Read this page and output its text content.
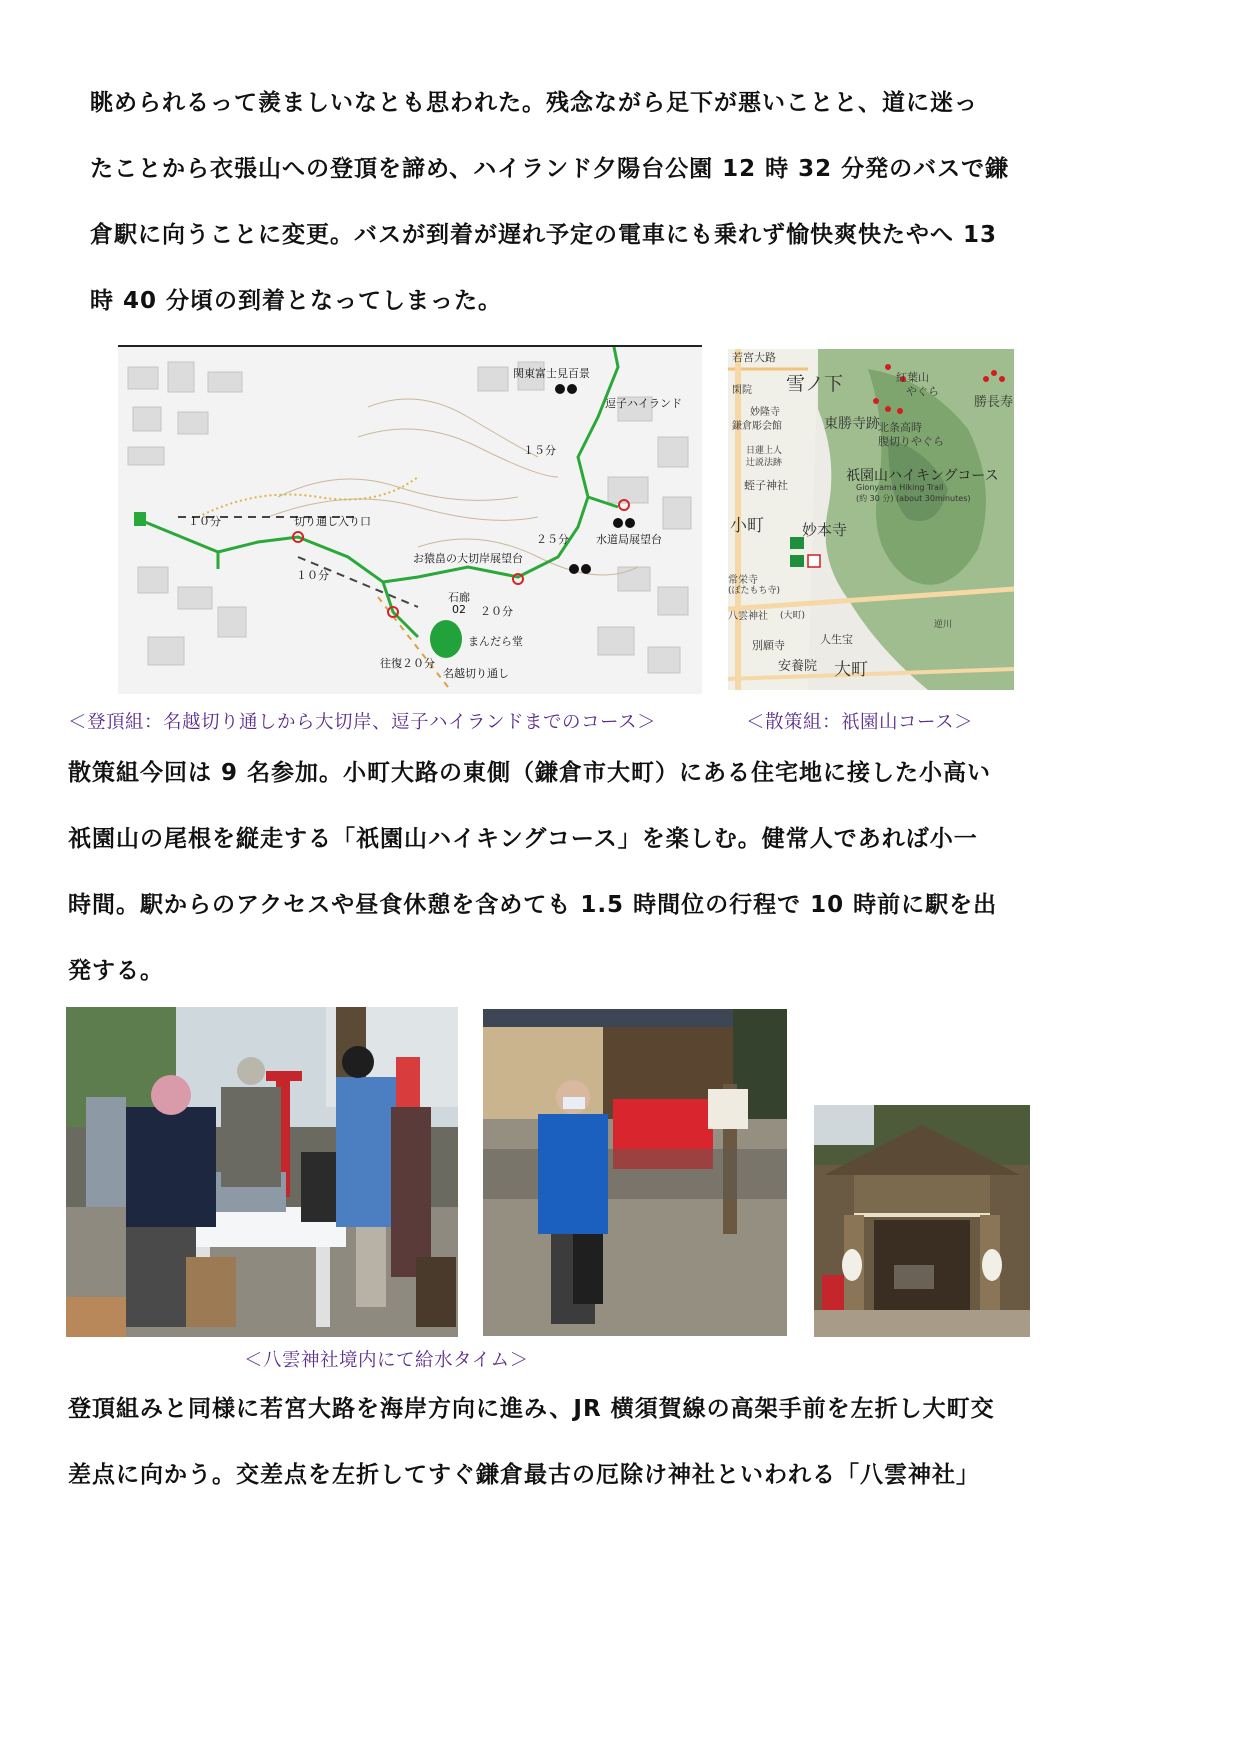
眺められるって羨ましいなとも思われた。残念ながら足下が悪いことと、道に迷っ
たことから衣張山への登頂を諦め、ハイランド夕陽台公園 12 時 32 分発のバスで鎌
倉駅に向うことに変更。バスが到着が遅れ予定の電車にも乗れず愉快爽快たやへ 13
時 40 分頃の到着となってしまった。
関東富士見百景
逗子ハイランド
１５分
１０分	切り通し入り口
２５分 水道局展望台
お猿畠の大切岸展望台
１０分
石廊
02 ２０分
まんだら堂
往復２０分
名越切り通し
若宮大路
雪ノ下	紅葉山
やぐら
勝長寿
閑院
妙隆寺
鎌倉彫会館	東勝寺跡
北条高時
腹切りやぐら
日蓮上人
辻説法跡
祇園山ハイキングコース
Gionyama Hiking Trail
(約 30 分) (about 30minutes)
蛭子神社
小町	妙本寺
常栄寺
(ぼたもち寺)
八雲神社 (大町)
別願寺	人生宝
安養院 大町
逆川
＜登頂組：名越切り通しから大切岸、逗子ハイランドまでのコース＞	＜散策組：祇園山コース＞
散策組今回は 9 名参加。小町大路の東側（鎌倉市大町）にある住宅地に接した小高い
祇園山の尾根を縦走する「祇園山ハイキングコース」を楽しむ。健常人であれば小一
時間。駅からのアクセスや昼食休憩を含めても 1.5 時間位の行程で 10 時前に駅を出
発する。
＜八雲神社境内にて給水タイム＞
登頂組みと同様に若宮大路を海岸方向に進み、JR 横須賀線の高架手前を左折し大町交
差点に向かう。交差点を左折してすぐ鎌倉最古の厄除け神社といわれる「八雲神社」
